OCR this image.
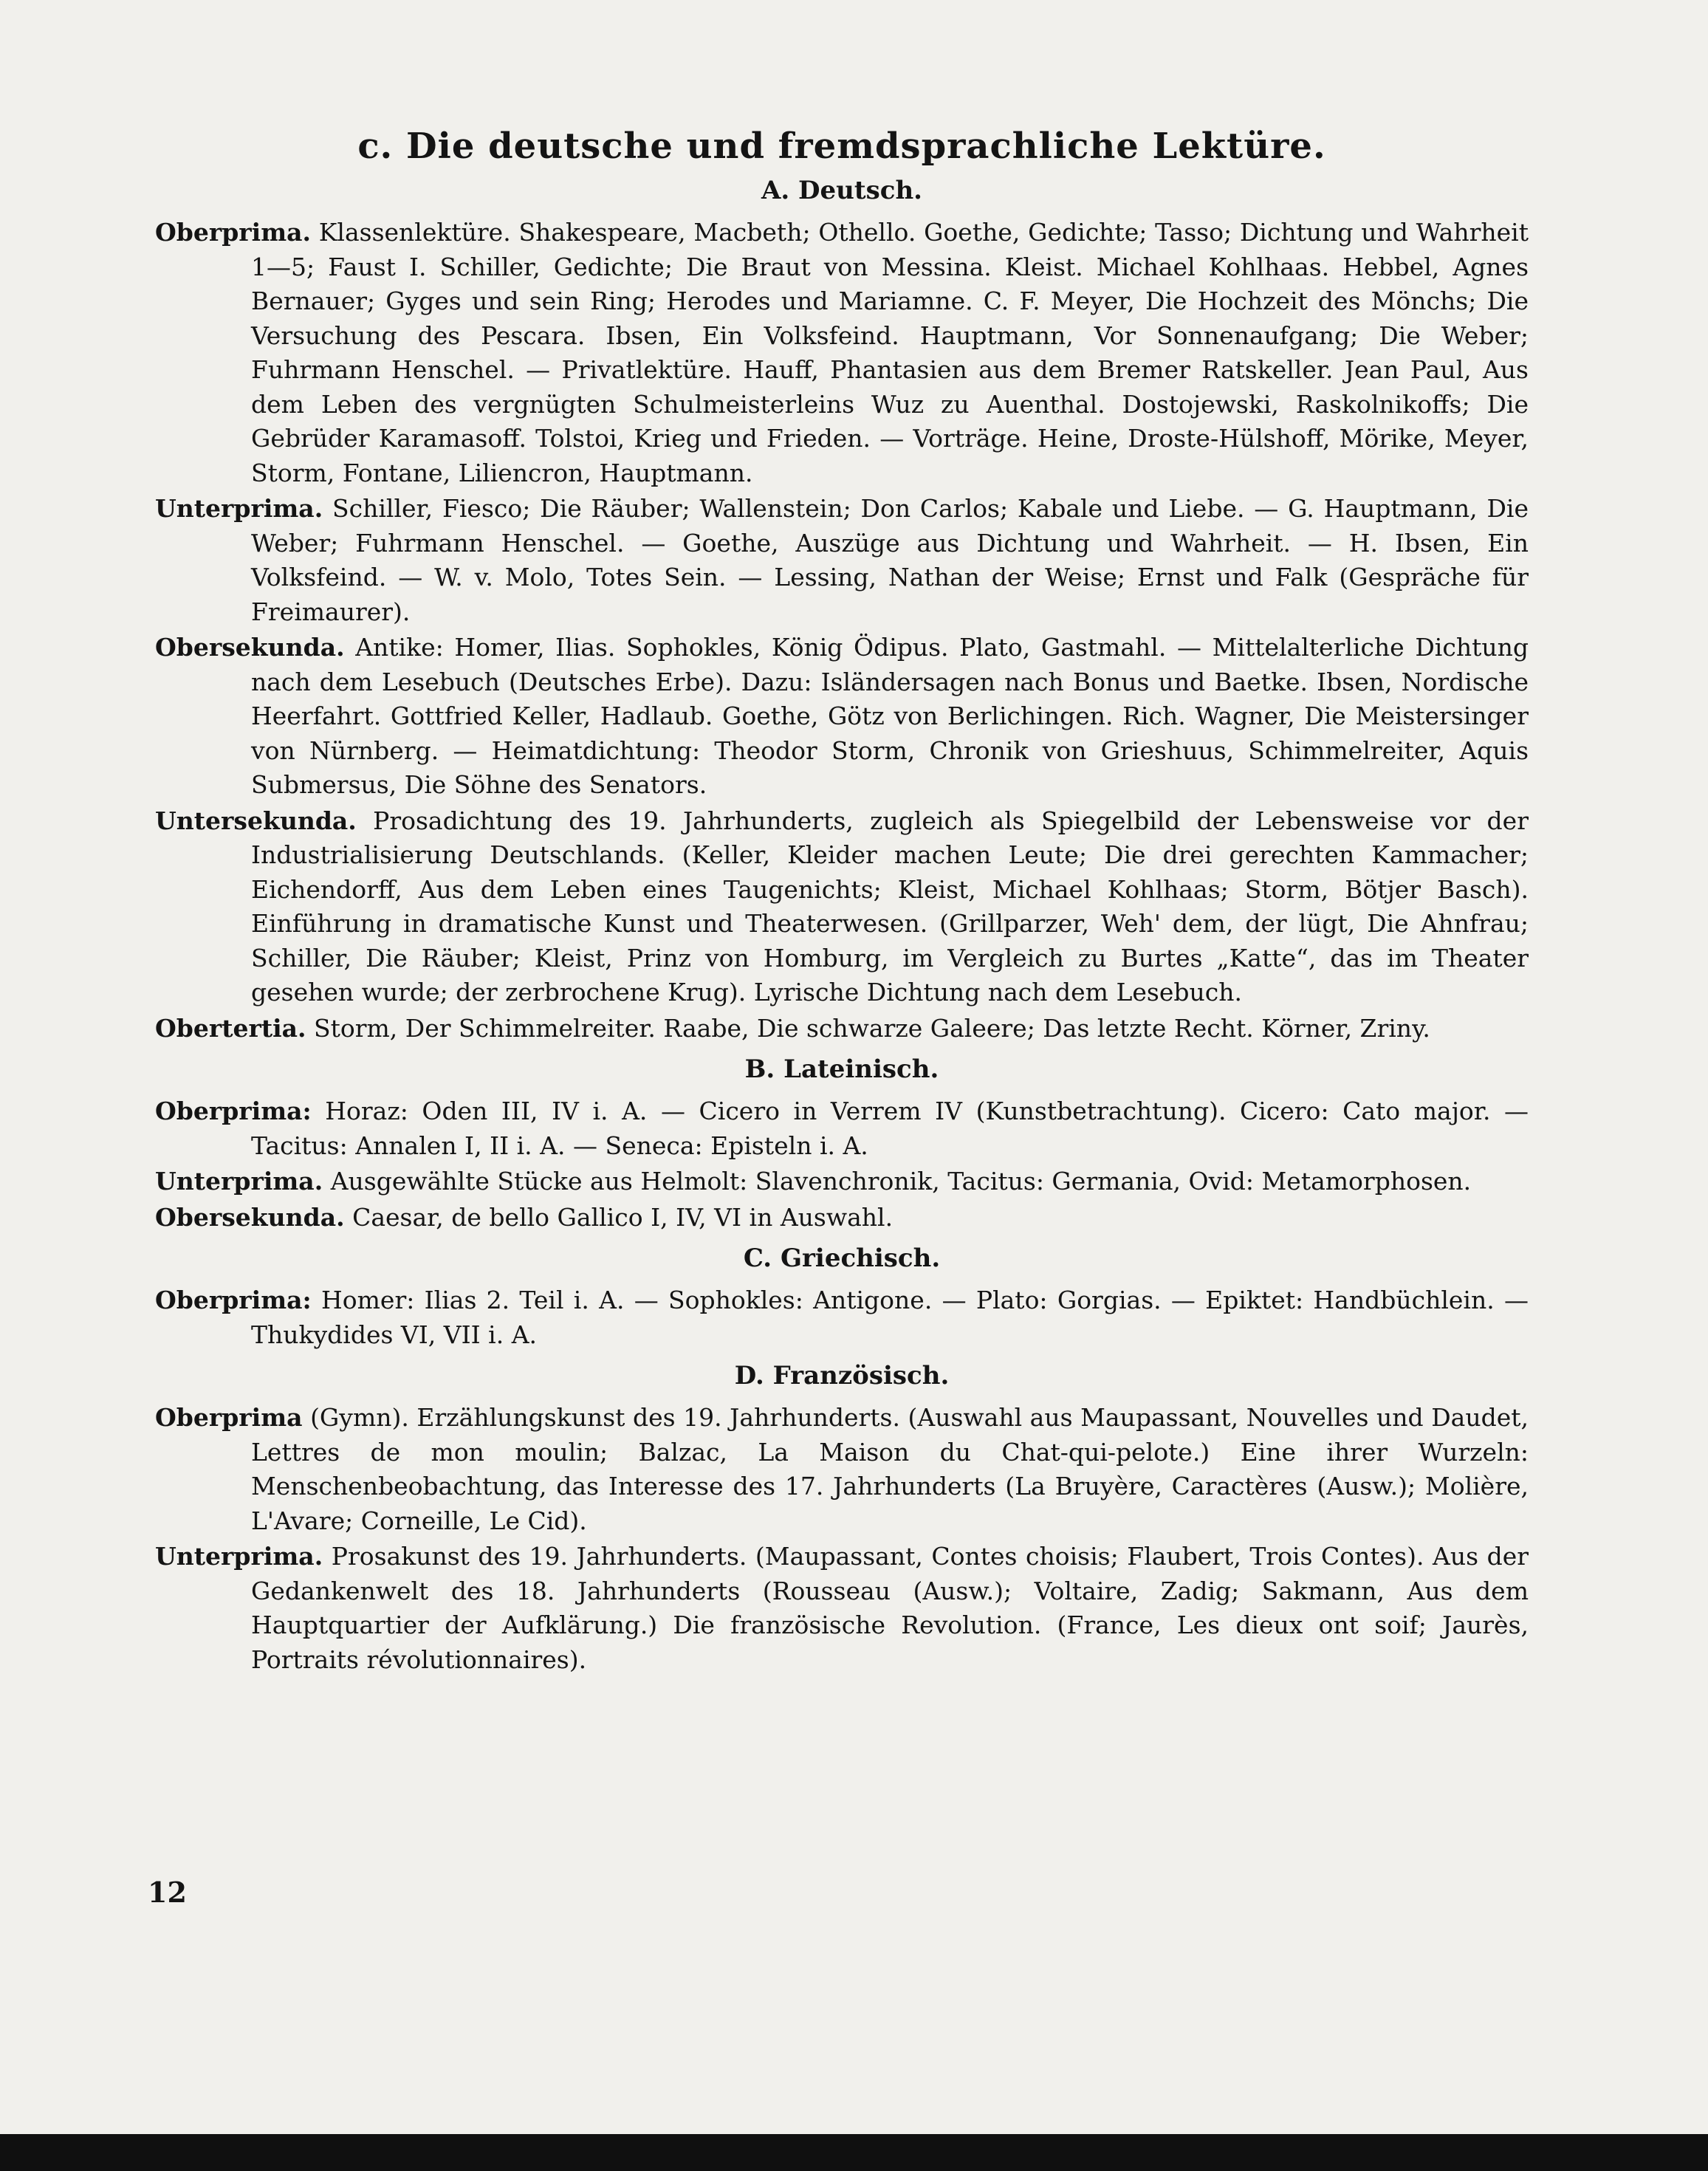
c. Die deutsche und fremdsprachliche Lektüre.
A. Deutsch.

Oberprima. Klassenlektüre. Shakespeare, Macbeth; Othello. Goethe, Gedichte; Tasso; Dichtung und Wahrheit 1—5; Faust I. Schiller, Gedichte; Die Braut von Messina. Kleist. Michael Kohlhaas. Hebbel, Agnes Bernauer; Gyges und sein Ring; Herodes und Mariamne. C. F. Meyer, Die Hochzeit des Mönchs; Die Versuchung des Pescara. Ibsen, Ein Volksfeind. Hauptmann, Vor Sonnenaufgang; Die Weber; Fuhrmann Henschel. — Privatlektüre. Hauff, Phantasien aus dem Bremer Ratskeller. Jean Paul, Aus dem Leben des vergnügten Schulmeisterleins Wuz zu Auenthal. Dostojewski, Raskolnikoffs; Die Gebrüder Karamasoff. Tolstoi, Krieg und Frieden. — Vorträge. Heine, Droste-Hülshoff, Mörike, Meyer, Storm, Fontane, Liliencron, Hauptmann.

Unterprima. Schiller, Fiesco; Die Räuber; Wallenstein; Don Carlos; Kabale und Liebe. — G. Hauptmann, Die Weber; Fuhrmann Henschel. — Goethe, Auszüge aus Dichtung und Wahrheit. — H. Ibsen, Ein Volksfeind. — W. v. Molo, Totes Sein. — Lessing, Nathan der Weise; Ernst und Falk (Gespräche für Freimaurer).

Obersekunda. Antike: Homer, Ilias. Sophokles, König Ödipus. Plato, Gastmahl. — Mittelalterliche Dichtung nach dem Lesebuch (Deutsches Erbe). Dazu: Isländersagen nach Bonus und Baetke. Ibsen, Nordische Heerfahrt. Gottfried Keller, Hadlaub. Goethe, Götz von Berlichingen. Rich. Wagner, Die Meistersinger von Nürnberg. — Heimatdichtung: Theodor Storm, Chronik von Grieshuus, Schimmelreiter, Aquis Submersus, Die Söhne des Senators.

Untersekunda. Prosadichtung des 19. Jahrhunderts, zugleich als Spiegelbild der Lebensweise vor der Industrialisierung Deutschlands. (Keller, Kleider machen Leute; Die drei gerechten Kammacher; Eichendorff, Aus dem Leben eines Taugenichts; Kleist, Michael Kohlhaas; Storm, Bötjer Basch). Einführung in dramatische Kunst und Theaterwesen. (Grillparzer, Weh' dem, der lügt, Die Ahnfrau; Schiller, Die Räuber; Kleist, Prinz von Homburg, im Vergleich zu Burtes „Katte“, das im Theater gesehen wurde; der zerbrochene Krug). Lyrische Dichtung nach dem Lesebuch.

Obertertia. Storm, Der Schimmelreiter. Raabe, Die schwarze Galeere; Das letzte Recht. Körner, Zriny.

B. Lateinisch.

Oberprima: Horaz: Oden III, IV i. A. — Cicero in Verrem IV (Kunstbetrachtung). Cicero: Cato major. — Tacitus: Annalen I, II i. A. — Seneca: Episteln i. A.

Unterprima. Ausgewählte Stücke aus Helmolt: Slavenchronik, Tacitus: Germania, Ovid: Metamorphosen.

Obersekunda. Caesar, de bello Gallico I, IV, VI in Auswahl.

C. Griechisch.

Oberprima: Homer: Ilias 2. Teil i. A. — Sophokles: Antigone. — Plato: Gorgias. — Epiktet: Handbüchlein. — Thukydides VI, VII i. A.

D. Französisch.

Oberprima (Gymn). Erzählungskunst des 19. Jahrhunderts. (Auswahl aus Maupassant, Nouvelles und Daudet, Lettres de mon moulin; Balzac, La Maison du Chat-qui-pelote.) Eine ihrer Wurzeln: Menschenbeobachtung, das Interesse des 17. Jahrhunderts (La Bruyère, Caractères (Ausw.); Molière, L'Avare; Corneille, Le Cid).

Unterprima. Prosakunst des 19. Jahrhunderts. (Maupassant, Contes choisis; Flaubert, Trois Contes). Aus der Gedankenwelt des 18. Jahrhunderts (Rousseau (Ausw.); Voltaire, Zadig; Sakmann, Aus dem Hauptquartier der Aufklärung.) Die französische Revolution. (France, Les dieux ont soif; Jaurès, Portraits révolutionnaires).

12
